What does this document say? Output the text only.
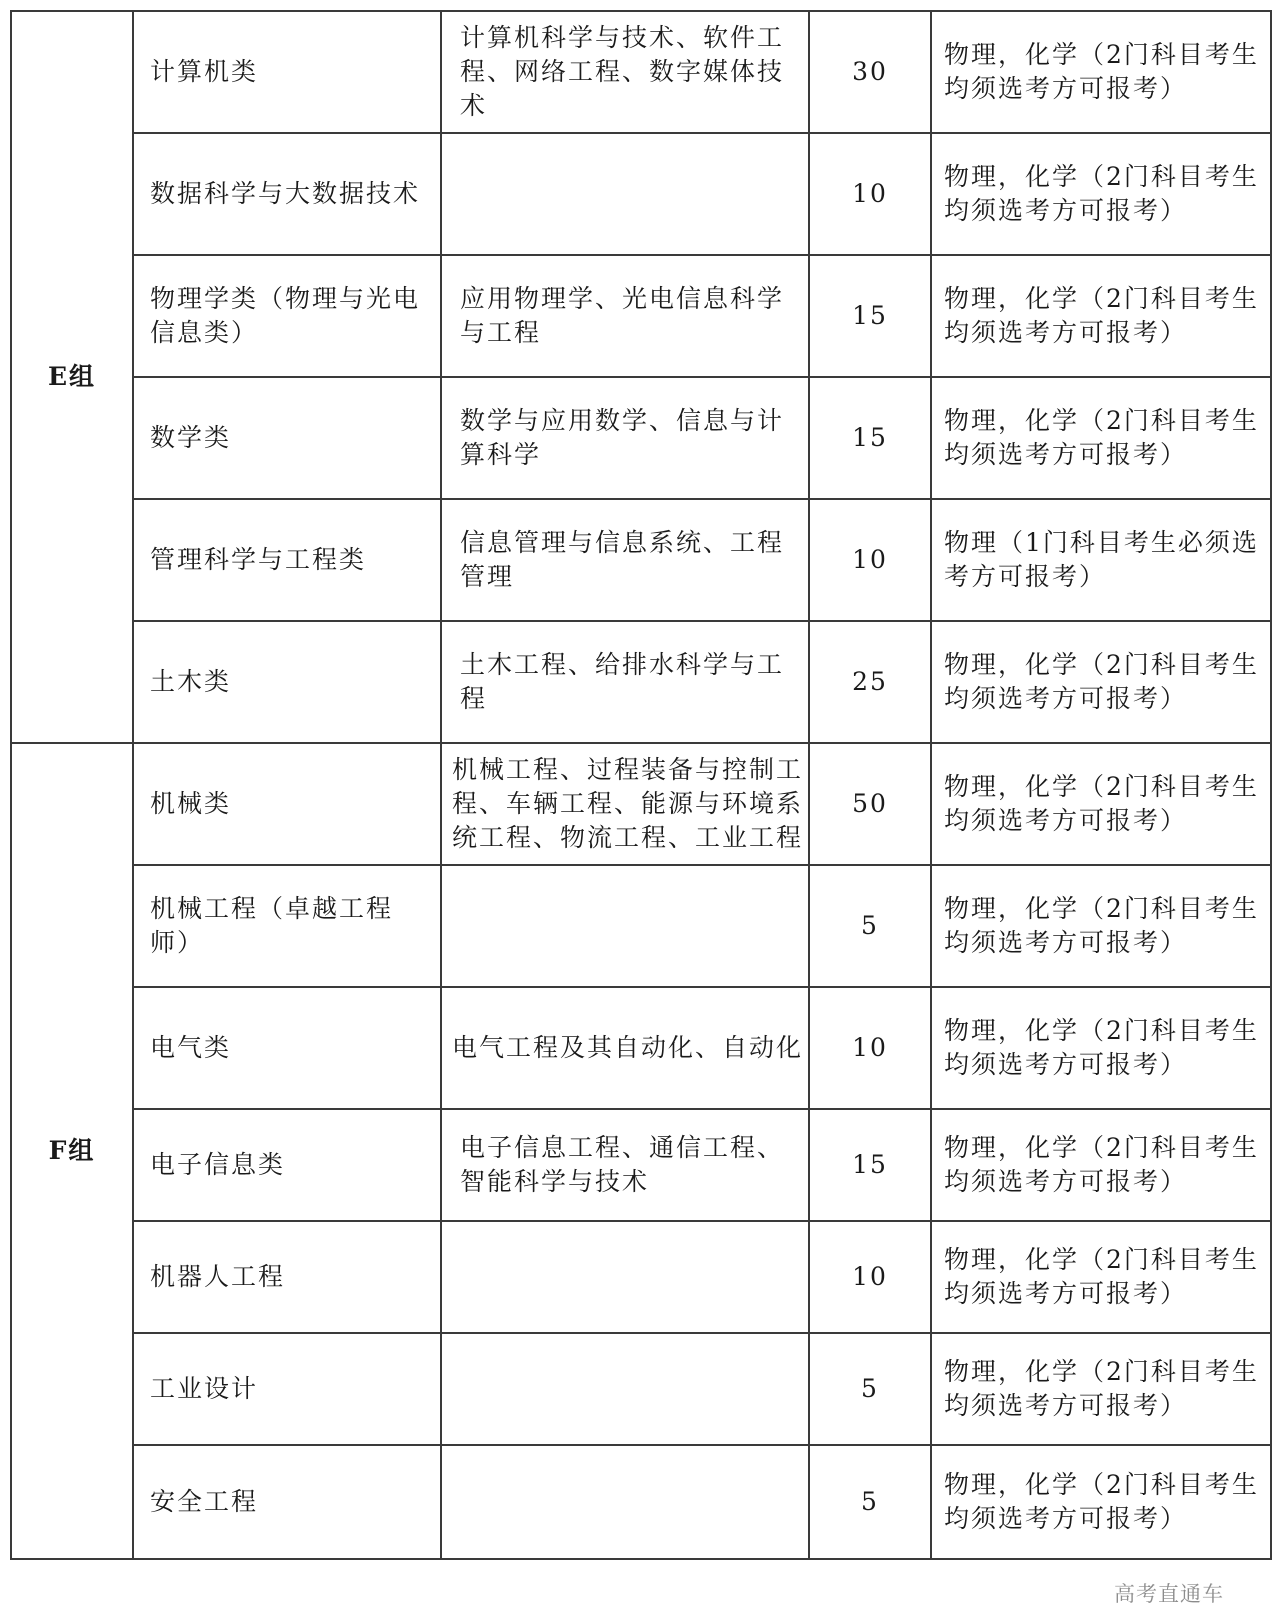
E组	计算机类	计算机科学与技术、软件工程、网络工程、数字媒体技术	30	物理，化学（2门科目考生均须选考方可报考）
	数据科学与大数据技术		10	物理，化学（2门科目考生均须选考方可报考）
	物理学类（物理与光电信息类）	应用物理学、光电信息科学与工程	15	物理，化学（2门科目考生均须选考方可报考）
	数学类	数学与应用数学、信息与计算科学	15	物理，化学（2门科目考生均须选考方可报考）
	管理科学与工程类	信息管理与信息系统、工程管理	10	物理（1门科目考生必须选考方可报考）
	土木类	土木工程、给排水科学与工程	25	物理，化学（2门科目考生均须选考方可报考）
F组	机械类	机械工程、过程装备与控制工程、车辆工程、能源与环境系统工程、物流工程、工业工程	50	物理，化学（2门科目考生均须选考方可报考）
	机械工程（卓越工程师）		5	物理，化学（2门科目考生均须选考方可报考）
	电气类	电气工程及其自动化、自动化	10	物理，化学（2门科目考生均须选考方可报考）
	电子信息类	电子信息工程、通信工程、智能科学与技术	15	物理，化学（2门科目考生均须选考方可报考）
	机器人工程		10	物理，化学（2门科目考生均须选考方可报考）
	工业设计		5	物理，化学（2门科目考生均须选考方可报考）
	安全工程		5	物理，化学（2门科目考生均须选考方可报考）
高考直通车
